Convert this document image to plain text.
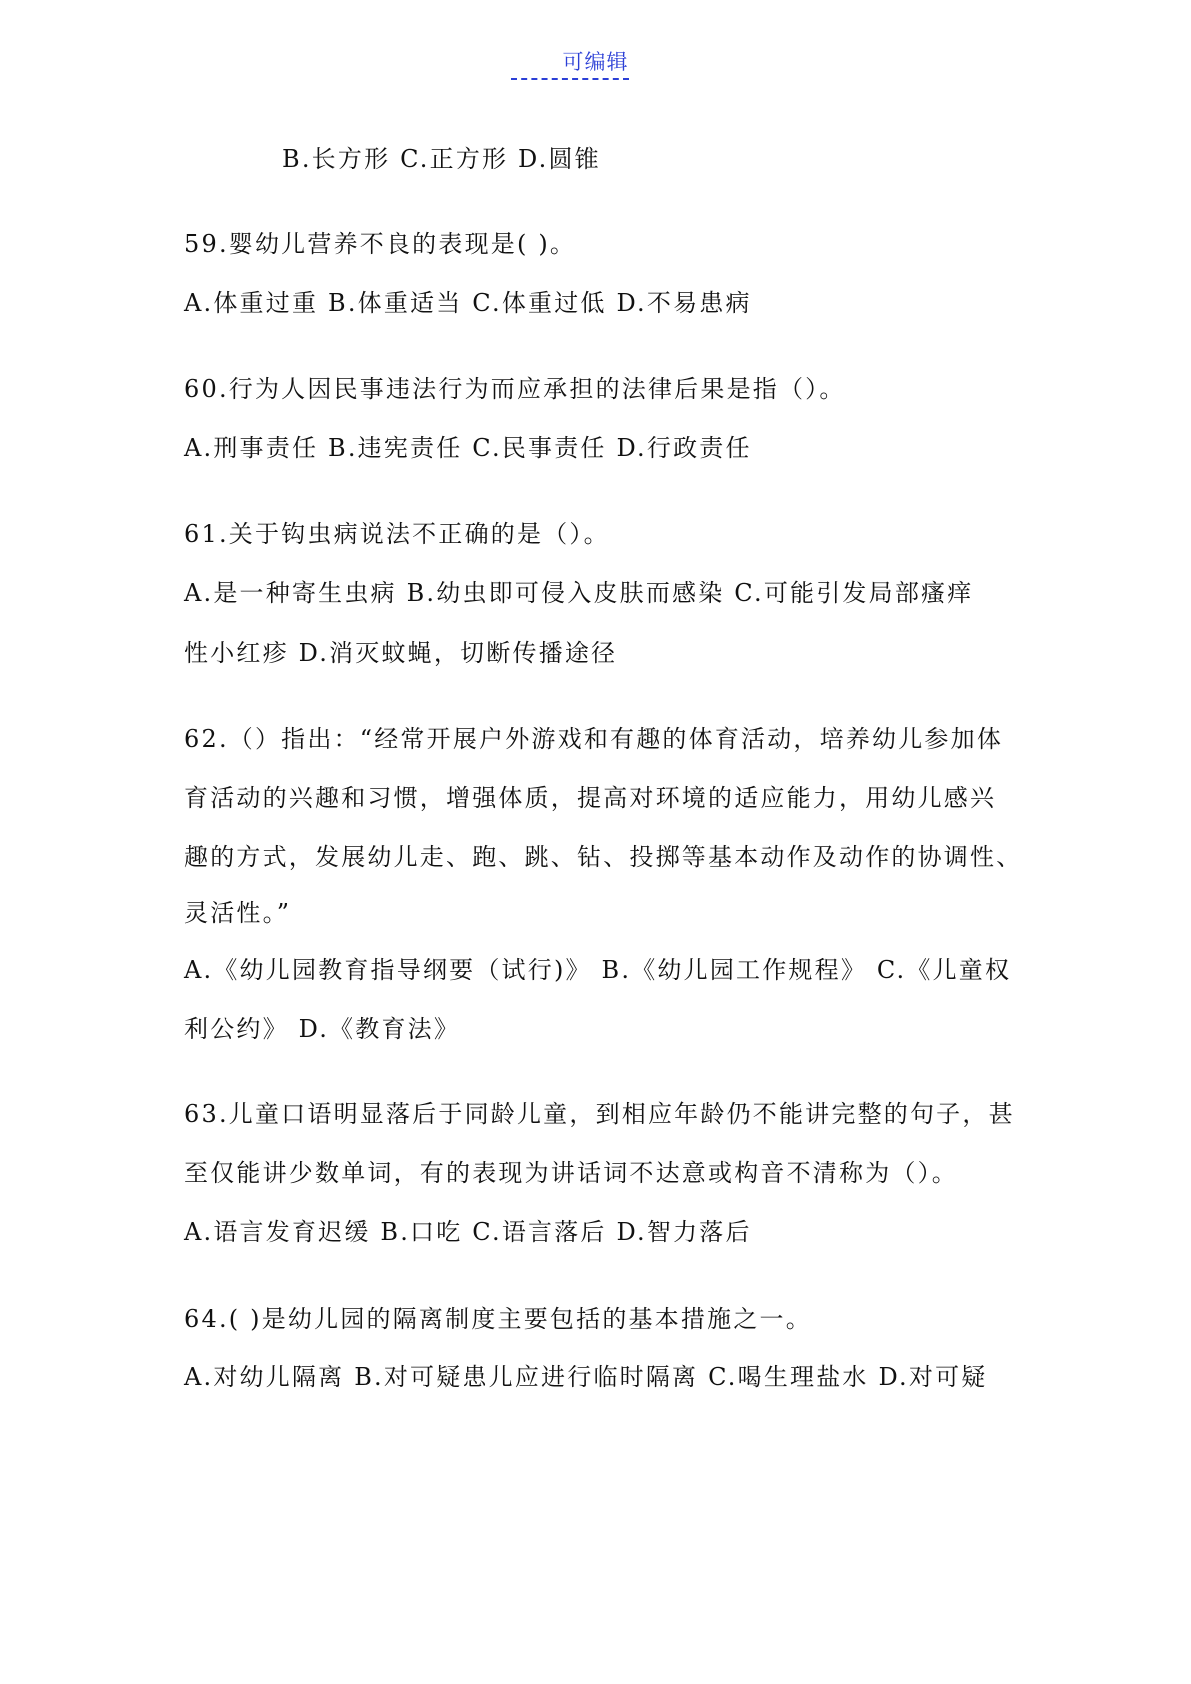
可编辑
B.长方形 C.正方形 D.圆锥
59.婴幼儿营养不良的表现是( )。
A.体重过重 B.体重适当 C.体重过低 D.不易患病
60.行为人因民事违法行为而应承担的法律后果是指（）。
A.刑事责任 B.违宪责任 C.民事责任 D.行政责任
61.关于钩虫病说法不正确的是（）。
A.是一种寄生虫病 B.幼虫即可侵入皮肤而感染 C.可能引发局部瘙痒
性小红疹 D.消灭蚊蝇，切断传播途径
62.（）指出：“经常开展户外游戏和有趣的体育活动，培养幼儿参加体
育活动的兴趣和习惯，增强体质，提高对环境的适应能力，用幼儿感兴
趣的方式，发展幼儿走、跑、跳、钻、投掷等基本动作及动作的协调性、
灵活性。”
A.《幼儿园教育指导纲要（试行)》 B.《幼儿园工作规程》 C.《儿童权
利公约》 D.《教育法》
63.儿童口语明显落后于同龄儿童，到相应年龄仍不能讲完整的句子，甚
至仅能讲少数单词，有的表现为讲话词不达意或构音不清称为（）。
A.语言发育迟缓 B.口吃 C.语言落后 D.智力落后
64.( )是幼儿园的隔离制度主要包括的基本措施之一。
A.对幼儿隔离 B.对可疑患儿应进行临时隔离 C.喝生理盐水 D.对可疑
